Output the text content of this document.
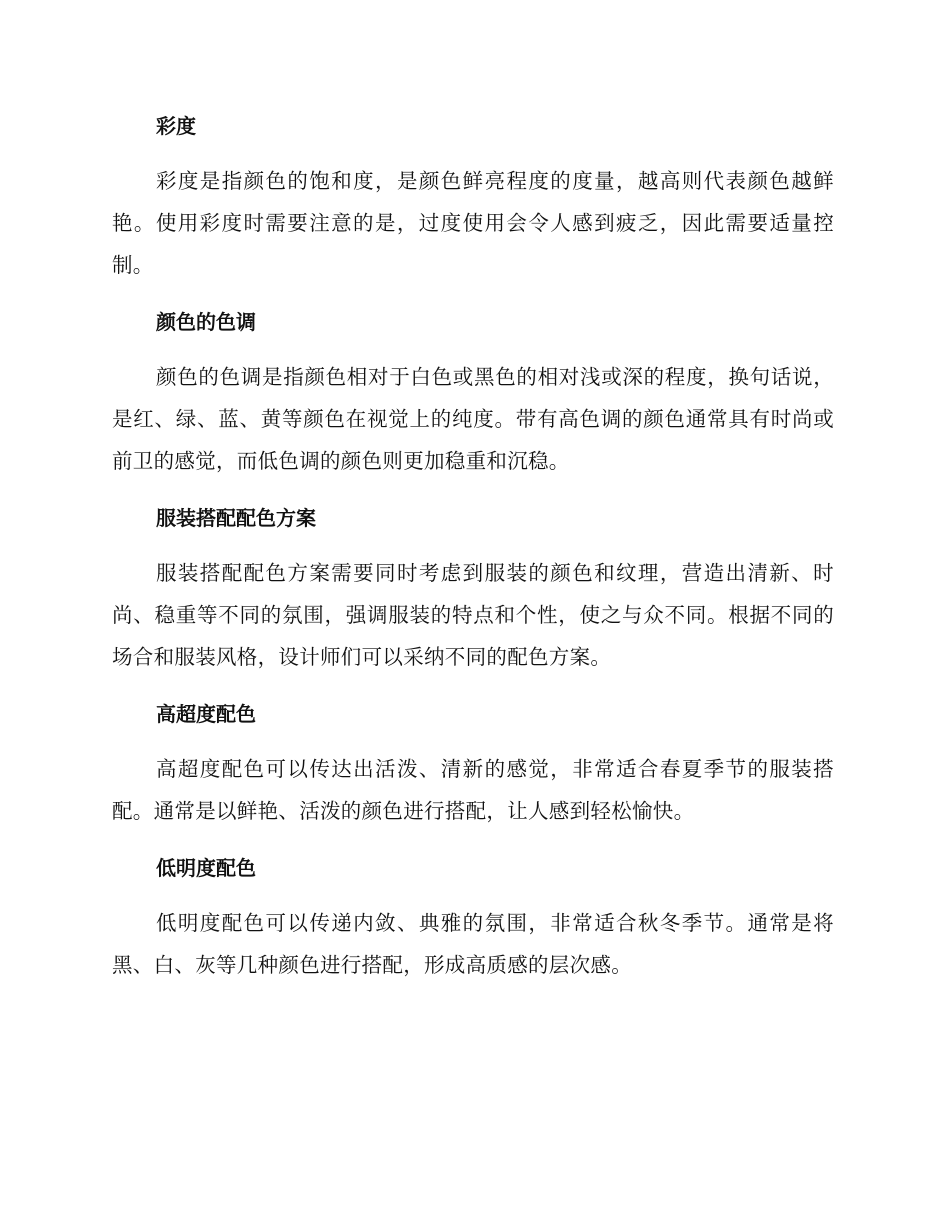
彩度

彩度是指颜色的饱和度，是颜色鲜亮程度的度量，越高则代表颜色越鲜艳。使用彩度时需要注意的是，过度使用会令人感到疲乏，因此需要适量控制。

颜色的色调

颜色的色调是指颜色相对于白色或黑色的相对浅或深的程度，换句话说，是红、绿、蓝、黄等颜色在视觉上的纯度。带有高色调的颜色通常具有时尚或前卫的感觉，而低色调的颜色则更加稳重和沉稳。

服装搭配配色方案

服装搭配配色方案需要同时考虑到服装的颜色和纹理，营造出清新、时尚、稳重等不同的氛围，强调服装的特点和个性，使之与众不同。根据不同的场合和服装风格，设计师们可以采纳不同的配色方案。

高超度配色

高超度配色可以传达出活泼、清新的感觉，非常适合春夏季节的服装搭配。通常是以鲜艳、活泼的颜色进行搭配，让人感到轻松愉快。

低明度配色

低明度配色可以传递内敛、典雅的氛围，非常适合秋冬季节。通常是将黑、白、灰等几种颜色进行搭配，形成高质感的层次感。
